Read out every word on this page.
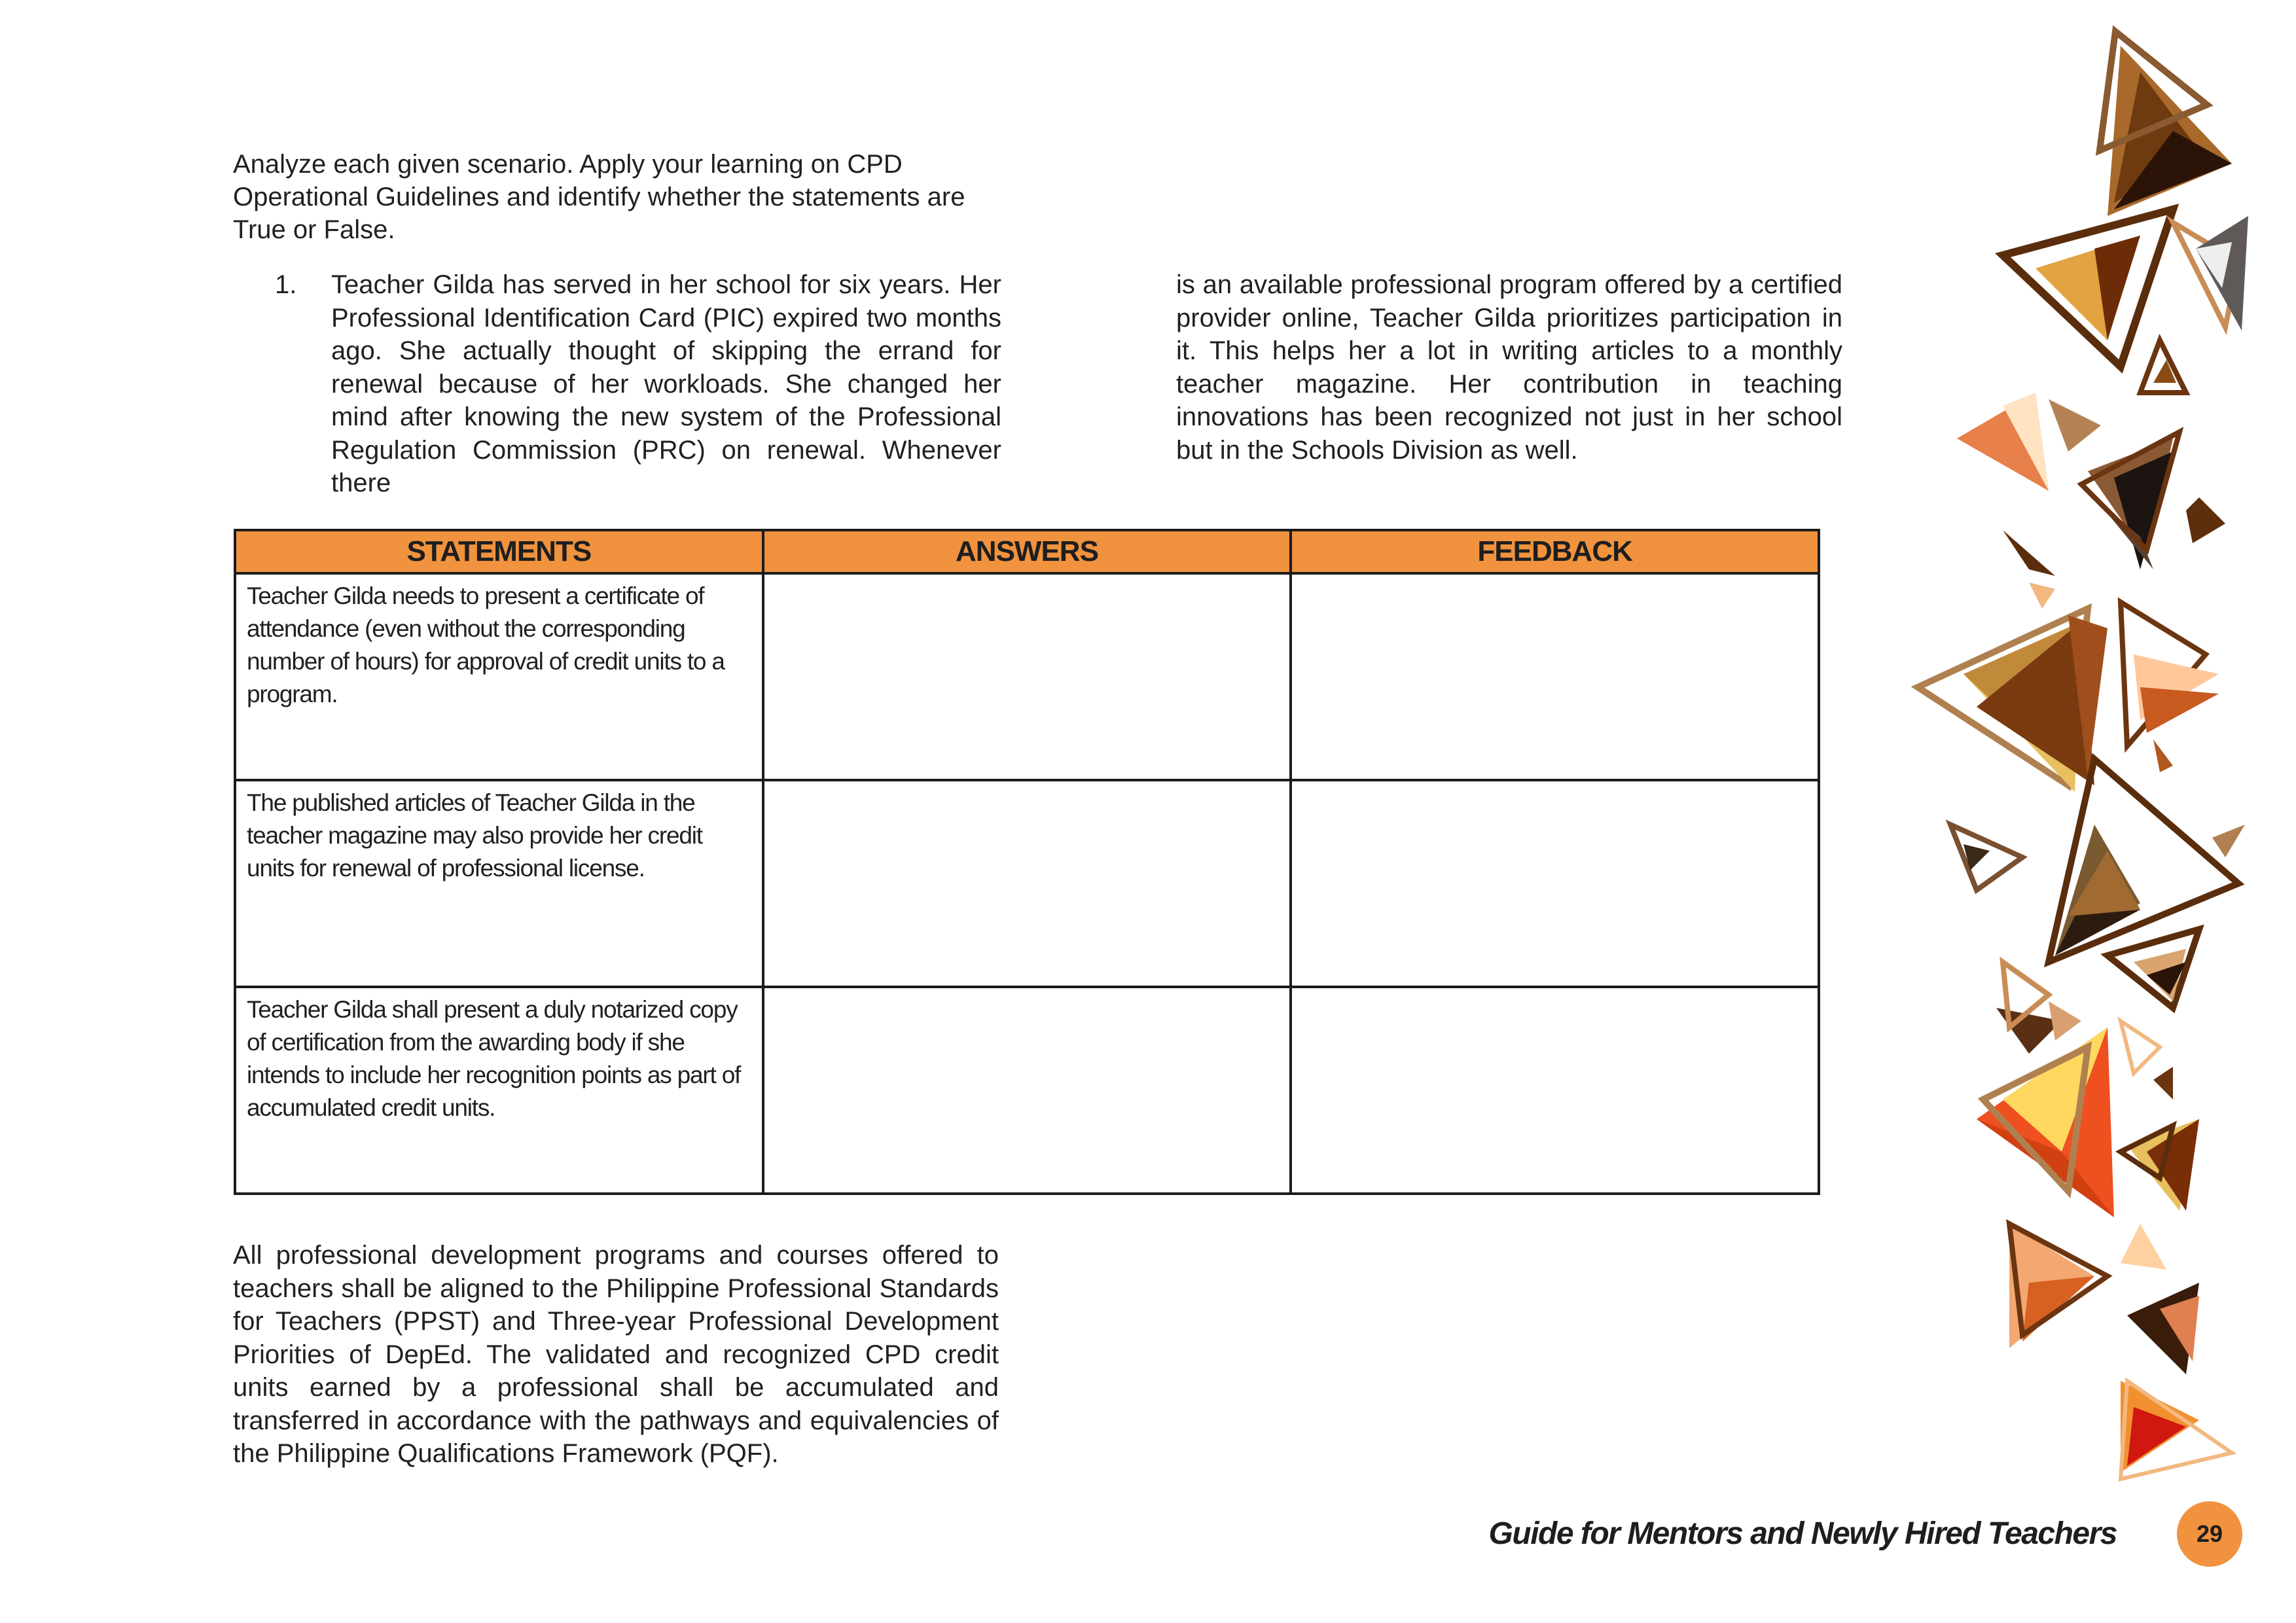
Analyze each given scenario. Apply your learning on CPD Operational Guidelines and identify whether the statements are True or False.
1.	Teacher Gilda has served in her school for six years. Her Professional Identification Card (PIC) expired two months ago. She actually thought of skipping the errand for renewal because of her workloads. She changed her mind after knowing the new system of the Professional Regulation Commission (PRC) on renewal. Whenever there
is an available professional program offered by a certified provider online, Teacher Gilda prioritizes participation in it. This helps her a lot in writing articles to a monthly teacher magazine. Her contribution in teaching innovations has been recognized not just in her school but in the Schools Division as well.
STATEMENTS	ANSWERS	FEEDBACK

Teacher Gilda needs to present a certificate of attendance (even without the corresponding number of hours) for approval of credit units to a program.		

The published articles of Teacher Gilda in the teacher magazine may also provide her credit units for renewal of professional license.		

Teacher Gilda shall present a duly notarized copy of certification from the awarding body if she intends to include her recognition points as part of accumulated credit units.		

All professional development programs and courses offered to teachers shall be aligned to the Philippine Professional Standards for Teachers (PPST) and Three-year Professional Development Priorities of DepEd. The validated and recognized CPD credit units earned by a professional shall be accumulated and transferred in accordance with the pathways and equivalencies of the Philippine Qualifications Framework (PQF).
Guide for Mentors and Newly Hired Teachers	29
